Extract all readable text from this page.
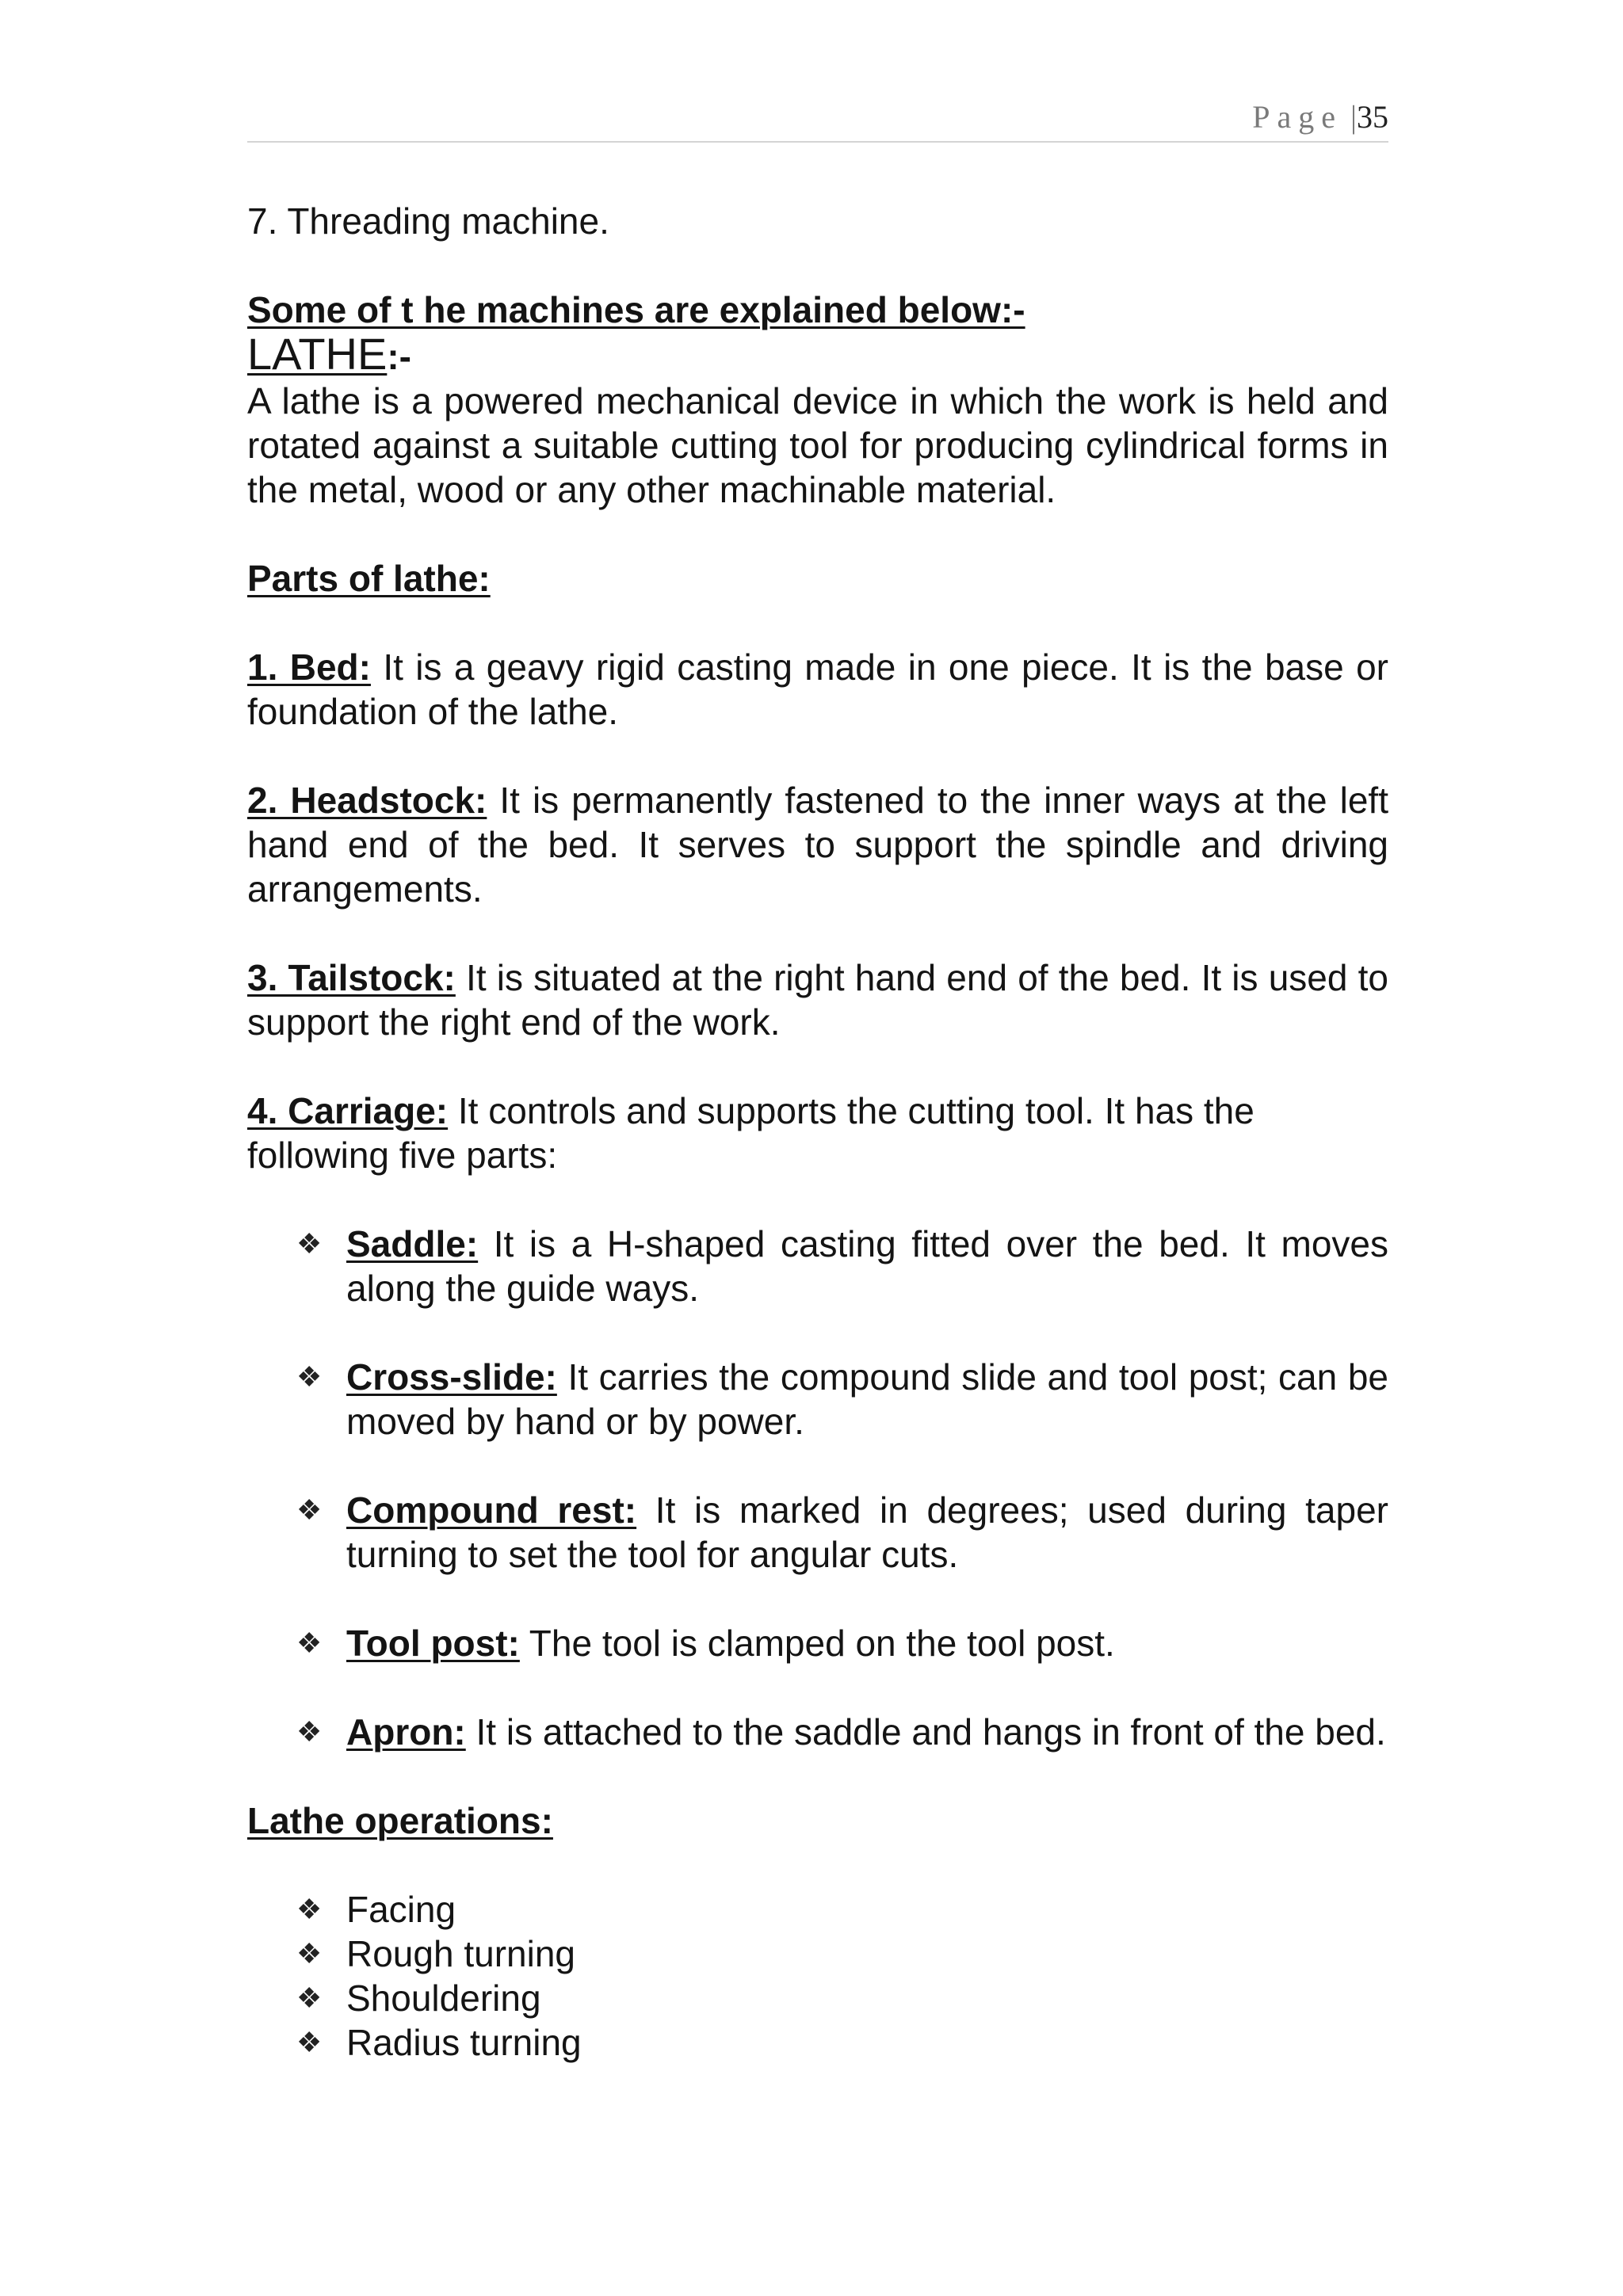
Page |35

7. Threading machine.

Some of t he machines are explained below:-

LATHE:-

A lathe is a powered mechanical device in which the work is held and rotated against a suitable cutting tool for producing cylindrical forms in the metal, wood or any other machinable material.

Parts of lathe:

1. Bed: It is a geavy rigid casting made in one piece. It is the base or foundation of the lathe.

2. Headstock: It is permanently fastened to the inner ways at the left hand end of the bed. It serves to support the spindle and driving arrangements.

3. Tailstock: It is situated at the right hand end of the bed. It is used to support the right end of the work.

4. Carriage: It controls and supports the cutting tool. It has the following five parts:

❖ Saddle: It is a H-shaped casting fitted over the bed. It moves along the guide ways.

❖ Cross-slide: It carries the compound slide and tool post; can be moved by hand or by power.

❖ Compound rest: It is marked in degrees; used during taper turning to set the tool for angular cuts.

❖ Tool post: The tool is clamped on the tool post.

❖ Apron: It is attached to the saddle and hangs in front of the bed.

Lathe operations:

❖ Facing

❖ Rough turning

❖ Shouldering

❖ Radius turning
